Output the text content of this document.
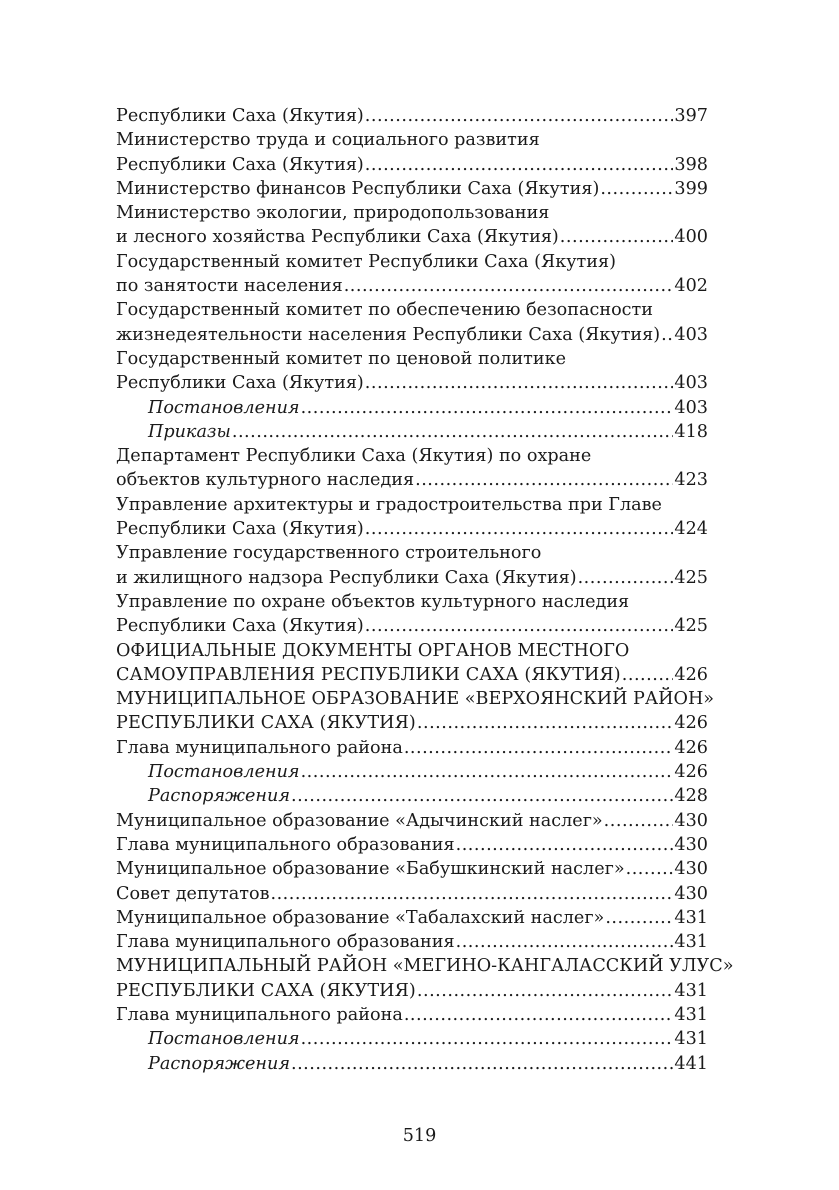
Республики Саха (Якутия) .....	397
Министерство труда и социального развития
Республики Саха (Якутия) .....	398
Министерство финансов Республики Саха (Якутия) .....	399
Министерство экологии, природопользования
и лесного хозяйства Республики Саха (Якутия) .....	400
Государственный комитет Республики Саха (Якутия)
по занятости населения .....	402
Государственный комитет по обеспечению безопасности
жизнедеятельности населения Республики Саха (Якутия) ..... 403
Государственный комитет по ценовой политике
Республики Саха (Якутия) .....	403
Постановления .....	403
Приказы .....	418
Департамент Республики Саха (Якутия) по охране
объектов культурного наследия .....	423
Управление архитектуры и градостроительства при Главе
Республики Саха (Якутия) .....	424
Управление государственного строительного
и жилищного надзора Республики Саха (Якутия) .....	425
Управление по охране объектов культурного наследия
Республики Саха (Якутия) .....	425
ОФИЦИАЛЬНЫЕ ДОКУМЕНТЫ ОРГАНОВ МЕСТНОГО
САМОУПРАВЛЕНИЯ РЕСПУБЛИКИ САХА (ЯКУТИЯ) .....	426
МУНИЦИПАЛЬНОЕ ОБРАЗОВАНИЕ «ВЕРХОЯНСКИЙ РАЙОН»
РЕСПУБЛИКИ САХА (ЯКУТИЯ) .....	426
Глава муниципального района .....	426
Постановления .....	426
Распоряжения .....	428
Муниципальное образование «Адычинский наслег» .....	430
Глава муниципального образования .....	430
Муниципальное образование «Бабушкинский наслег» .....	430
Совет депутатов .....	430
Муниципальное образование «Табалахский наслег» .....	431
Глава муниципального образования .....	431
МУНИЦИПАЛЬНЫЙ РАЙОН «МЕГИНО-КАНГАЛАССКИЙ УЛУС»
РЕСПУБЛИКИ САХА (ЯКУТИЯ) .....	431
Глава муниципального района .....	431
Постановления .....	431
Распоряжения .....	441
519
